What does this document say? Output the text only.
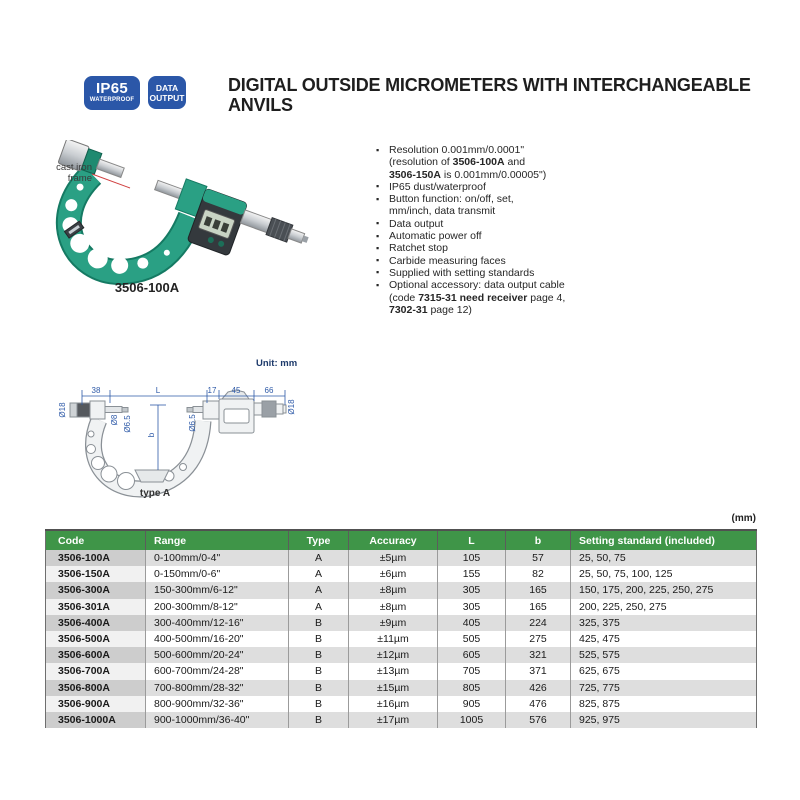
IP65
WATERPROOF
DATA
OUTPUT
DIGITAL OUTSIDE MICROMETERS WITH INTERCHANGEABLE ANVILS
cast iron
frame
3506-100A
▪ Resolution 0.001mm/0.0001"
(resolution of 3506-100A and
3506-150A is 0.001mm/0.00005")
▪ IP65 dust/waterproof
▪ Button function: on/off, set,
mm/inch, data transmit
▪ Data output
▪ Automatic power off
▪ Ratchet stop
▪ Carbide measuring faces
▪ Supplied with setting standards
▪ Optional accessory: data output cable
(code 7315-31 need receiver page 4,
7302-31 page 12)
Unit: mm
38	L	17 45	66
Ø18
Ø8 Ø6.5	Ø6.5
b
Ø18
type A
(mm)
Code	Range	Type	Accuracy	L	b	Setting standard (included)
3506-100A	0-100mm/0-4"	A	±5µm	105	57	25, 50, 75
3506-150A	0-150mm/0-6"	A	±6µm	155	82	25, 50, 75, 100, 125
3506-300A	150-300mm/6-12"	A	±8µm	305	165	150, 175, 200, 225, 250, 275
3506-301A	200-300mm/8-12"	A	±8µm	305	165	200, 225, 250, 275
3506-400A	300-400mm/12-16"	B	±9µm	405	224	325, 375
3506-500A	400-500mm/16-20"	B	±11µm	505	275	425, 475
3506-600A	500-600mm/20-24"	B	±12µm	605	321	525, 575
3506-700A	600-700mm/24-28"	B	±13µm	705	371	625, 675
3506-800A	700-800mm/28-32"	B	±15µm	805	426	725, 775
3506-900A	800-900mm/32-36"	B	±16µm	905	476	825, 875
3506-1000A	900-1000mm/36-40"	B	±17µm	1005	576	925, 975
